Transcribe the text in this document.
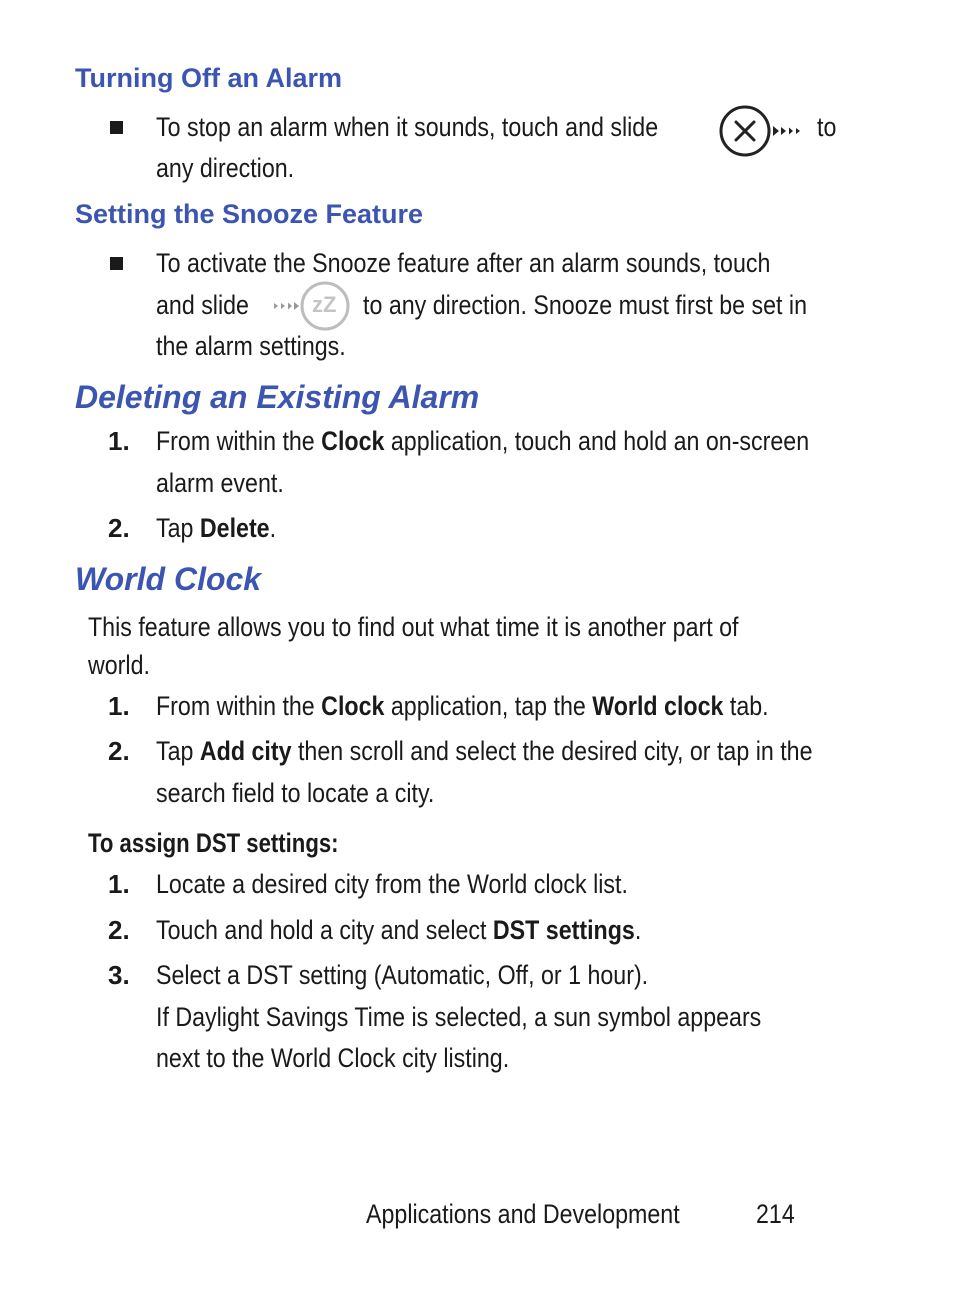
Turning Off an Alarm
To stop an alarm when it sounds, touch and slide	to
any direction.
Setting the Snooze Feature
To activate the Snooze feature after an alarm sounds, touch
and slide	zZ to any direction. Snooze must first be set in
the alarm settings.
Deleting an Existing Alarm
1. From within the Clock application, touch and hold an on-screen
alarm event.
2. Tap Delete.
World Clock
This feature allows you to find out what time it is another part of
world.
1. From within the Clock application, tap the World clock tab.
2. Tap Add city then scroll and select the desired city, or tap in the
search field to locate a city.
To assign DST settings:
1. Locate a desired city from the World clock list.
2. Touch and hold a city and select DST settings.
3. Select a DST setting (Automatic, Off, or 1 hour).
If Daylight Savings Time is selected, a sun symbol appears
next to the World Clock city listing.
Applications and Development	214
